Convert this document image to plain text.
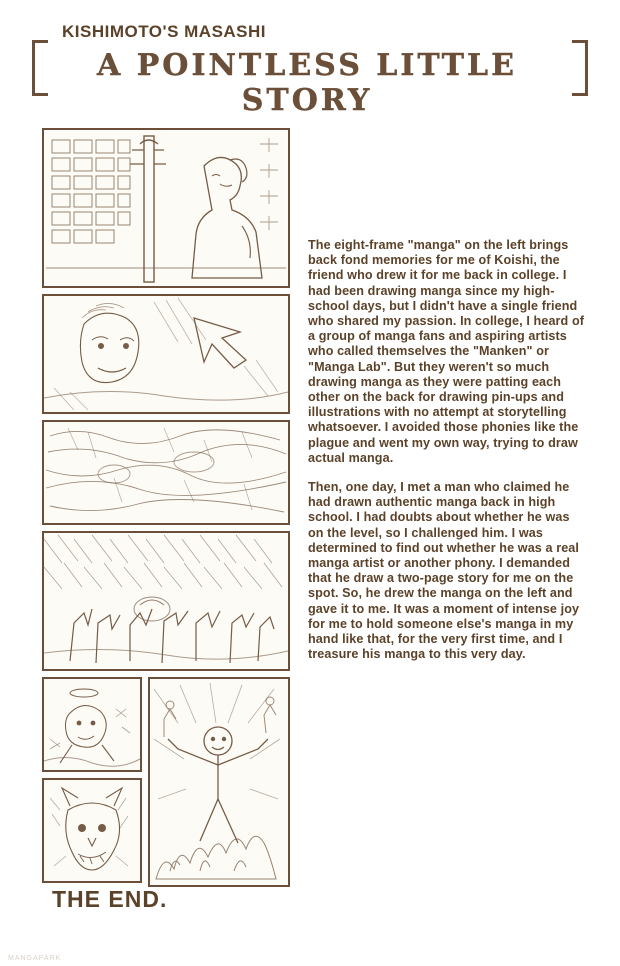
KISHIMOTO'S MASASHI
A POINTLESS LITTLE STORY
THE END.

The eight-frame "manga" on the left brings back fond memories for me of Koishi, the friend who drew it for me back in college. I had been drawing manga since my high-school days, but I didn't have a single friend who shared my passion. In college, I heard of a group of manga fans and aspiring artists who called themselves the "Manken" or "Manga Lab". But they weren't so much drawing manga as they were patting each other on the back for drawing pin-ups and illustrations with no attempt at storytelling whatsoever. I avoided those phonies like the plague and went my own way, trying to draw actual manga.

Then, one day, I met a man who claimed he had drawn authentic manga back in high school. I had doubts about whether he was on the level, so I challenged him. I was determined to find out whether he was a real manga artist or another phony. I demanded that he draw a two-page story for me on the spot. So, he drew the manga on the left and gave it to me. It was a moment of intense joy for me to hold someone else's manga in my hand like that, for the very first time, and I treasure his manga to this very day.

MANGAPARK
